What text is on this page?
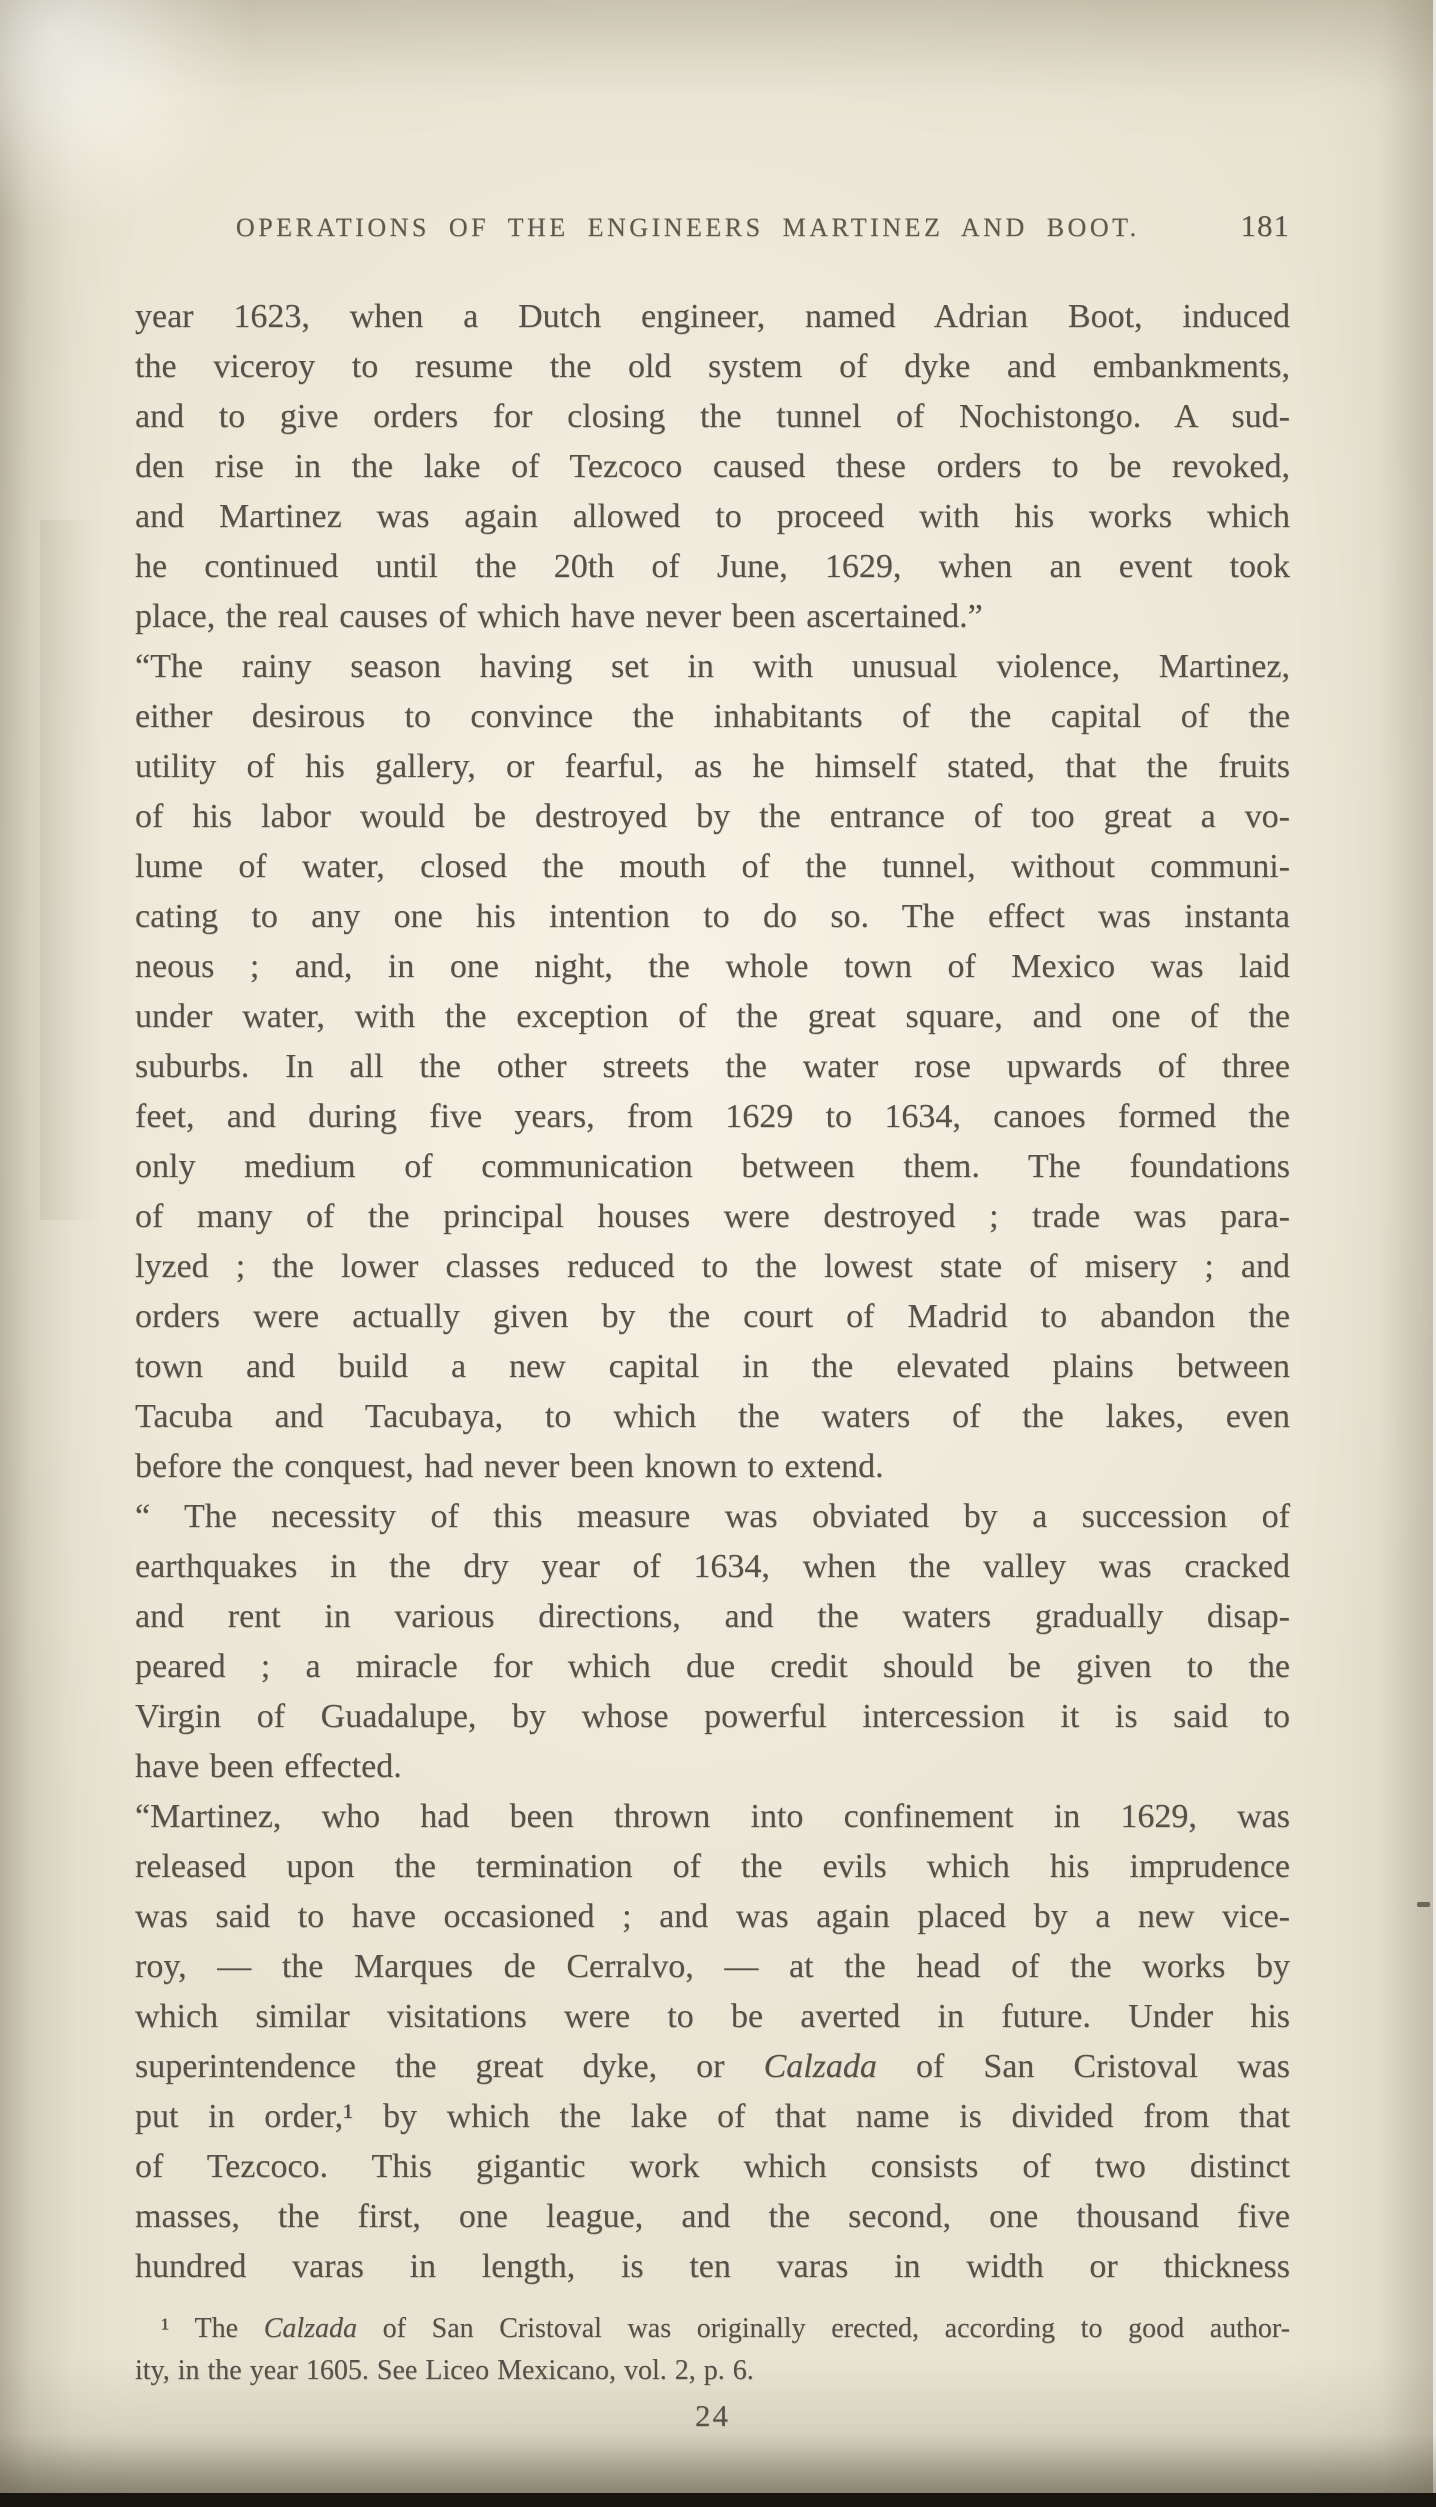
OPERATIONS OF THE ENGINEERS MARTINEZ AND BOOT.	181
year 1623, when a Dutch engineer, named Adrian Boot, induced
the viceroy to resume the old system of dyke and embankments,
and to give orders for closing the tunnel of Nochistongo. A sud-
den rise in the lake of Tezcoco caused these orders to be revoked,
and Martinez was again allowed to proceed with his works which
he continued until the 20th of June, 1629, when an event took
place, the real causes of which have never been ascertained.”
“The rainy season having set in with unusual violence, Martinez,
either desirous to convince the inhabitants of the capital of the
utility of his gallery, or fearful, as he himself stated, that the fruits
of his labor would be destroyed by the entrance of too great a vo-
lume of water, closed the mouth of the tunnel, without communi-
cating to any one his intention to do so. The effect was instanta
neous ; and, in one night, the whole town of Mexico was laid
under water, with the exception of the great square, and one of the
suburbs. In all the other streets the water rose upwards of three
feet, and during five years, from 1629 to 1634, canoes formed the
only medium of communication between them. The foundations
of many of the principal houses were destroyed ; trade was para-
lyzed ; the lower classes reduced to the lowest state of misery ; and
orders were actually given by the court of Madrid to abandon the
town and build a new capital in the elevated plains between
Tacuba and Tacubaya, to which the waters of the lakes, even
before the conquest, had never been known to extend.
“ The necessity of this measure was obviated by a succession of
earthquakes in the dry year of 1634, when the valley was cracked
and rent in various directions, and the waters gradually disap-
peared ; a miracle for which due credit should be given to the
Virgin of Guadalupe, by whose powerful intercession it is said to
have been effected.
“Martinez, who had been thrown into confinement in 1629, was
released upon the termination of the evils which his imprudence
was said to have occasioned ; and was again placed by a new vice-
roy, — the Marques de Cerralvo, — at the head of the works by
which similar visitations were to be averted in future. Under his
superintendence the great dyke, or Calzada of San Cristoval was
put in order,¹ by which the lake of that name is divided from that
of Tezcoco. This gigantic work which consists of two distinct
masses, the first, one league, and the second, one thousand five
hundred varas in length, is ten varas in width or thickness
¹ The Calzada of San Cristoval was originally erected, according to good author-
ity, in the year 1605. See Liceo Mexicano, vol. 2, p. 6.
24
